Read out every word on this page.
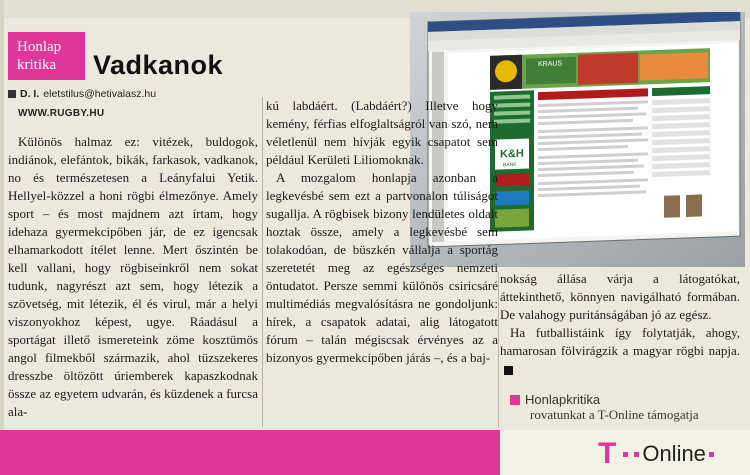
Honlap
kritika	Vadkanok
D. I. eletstilus@hetivalasz.hu
WWW.RUGBY.HU
KRAUS
K&H
BANK

Különös halmaz ez: vitézek, buldogok, indiánok, elefántok, bikák, farkasok, vadkanok, no és természetesen a Leányfalui Yetik. Hellyel-közzel a honi rögbi élmezőnye. Amely sport – és most majdnem azt írtam, hogy idehaza gyermekcipőben jár, de ez igencsak elhamarkodott ítélet lenne. Mert őszintén be kell vallani, hogy rögbiseinkről nem sokat tudunk, nagyrészt azt sem, hogy létezik a szövetség, mit létezik, él és virul, már a helyi viszonyokhoz képest, ugye. Ráadásul a sportágat illető ismereteink zöme kosztümös angol filmekből származik, ahol tüzszekeres dresszbe öltözött úriemberek kapaszkodnak össze az egyetem udvarán, és küzdenek a furcsa ala-

kú labdáért. (Labdáért?) Illetve hogy kemény, férfias elfoglaltságról van szó, nem véletlenül nem hívják egyik csapatot sem például Kerületi Liliomoknak.

A mozgalom honlapja azonban a legkevésbé sem ezt a partvonalon túliságot sugallja. A rögbisek bizony lendületes oldalt hoztak össze, amely a legkevésbé sem tolakodóan, de büszkén vállalja a sportág szeretetét meg az egészséges nemzeti öntudatot. Persze semmi különös csiricsáré multimédiás megvalósításra ne gondoljunk: hírek, a csapatok adatai, alig látogatott fórum – talán mégiscsak érvényes az a bizonyos gyermekcipőben járás –, és a baj-

nokság állása várja a látogatókat, áttekinthető, könnyen navigálható formában. De valahogy puritánságában jó az egész.

Ha futballistáink így folytatják, ahogy, hamarosan fölvirágzik a magyar rögbi napja.

Honlapkritika
rovatunkat a T-Online támogatja
T Online
